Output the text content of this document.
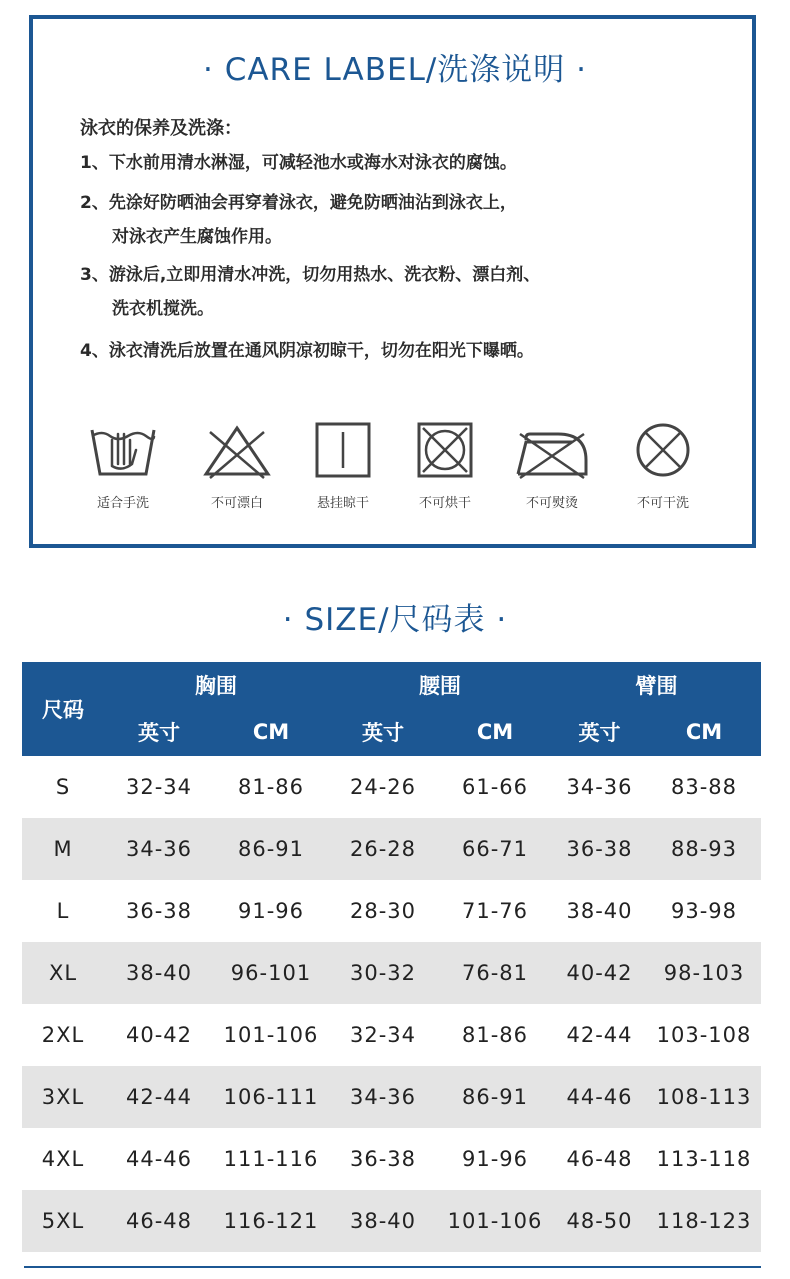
· CARE LABEL/洗涤说明 ·
泳衣的保养及洗涤：
1、下水前用清水淋湿，可减轻池水或海水对泳衣的腐蚀。
2、先涂好防晒油会再穿着泳衣，避免防晒油沾到泳衣上，
对泳衣产生腐蚀作用。
3、游泳后,立即用清水冲洗，切勿用热水、洗衣粉、漂白剂、
洗衣机搅洗。
4、泳衣清洗后放置在通风阴凉初晾干，切勿在阳光下曝晒。
适合手洗	不可漂白	悬挂晾干	不可烘干	不可熨烫	不可干洗
· SIZE/尺码表 ·
尺码	胸围		腰围		臂围	
	英寸	CM	英寸	CM	英寸	CM
S	32-34	81-86	24-26	61-66	34-36	83-88
M	34-36	86-91	26-28	66-71	36-38	88-93
L	36-38	91-96	28-30	71-76	38-40	93-98
XL	38-40	96-101	30-32	76-81	40-42	98-103
2XL	40-42	101-106	32-34	81-86	42-44	103-108
3XL	42-44	106-111	34-36	86-91	44-46	108-113
4XL	44-46	111-116	36-38	91-96	46-48	113-118
5XL	46-48	116-121	38-40	101-106	48-50	118-123
